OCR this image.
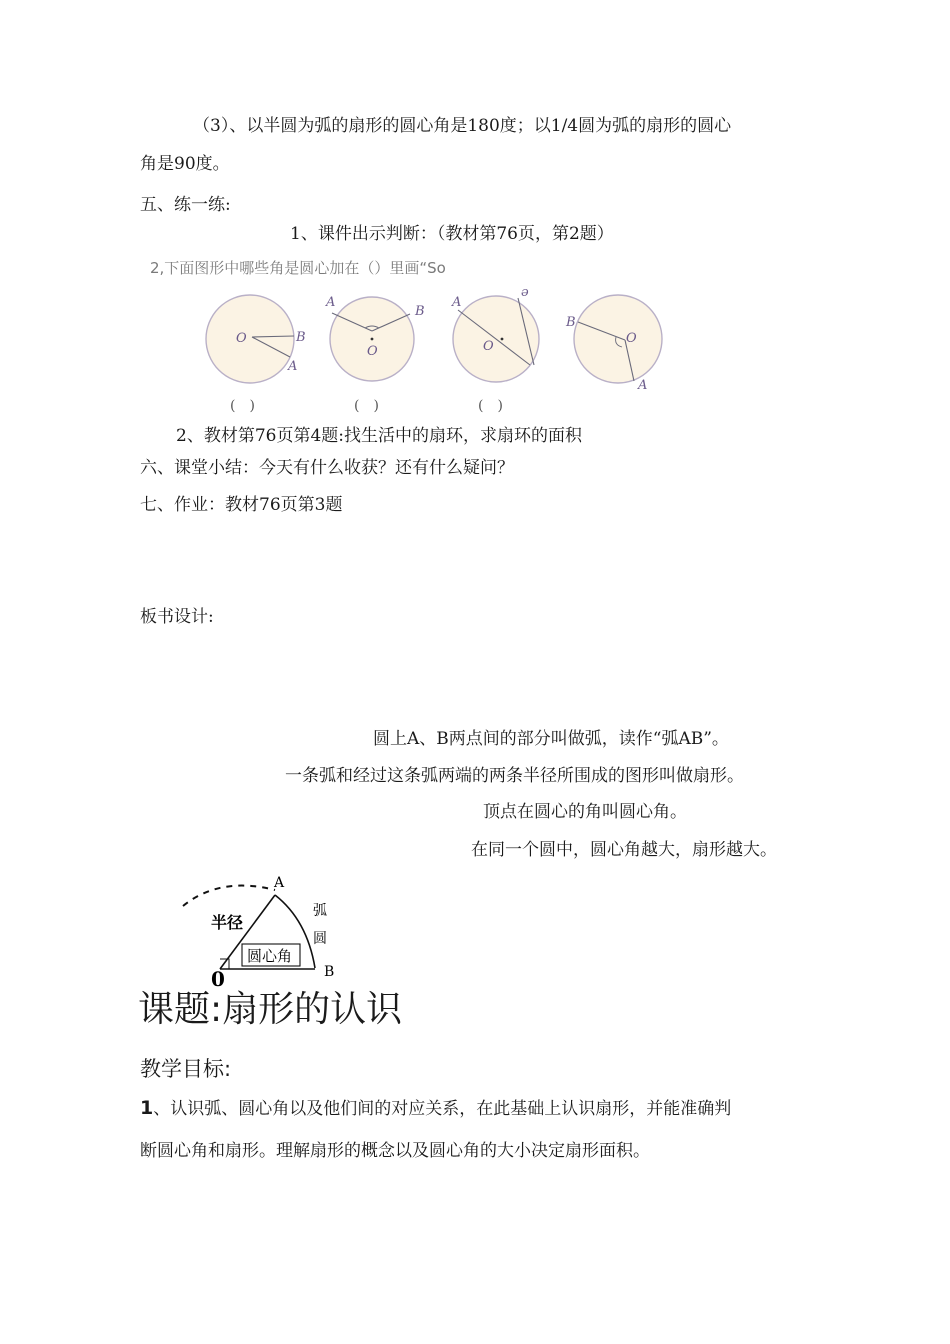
（3）、以半圆为弧的扇形的圆心角是180度；以1/4圆为弧的扇形的圆心
角是90度。
五、练一练:
1、课件出示判断：（教材第76页，第2题）
2,下面图形中哪些角是圆心加在（）里画“So
O	B
A
A
B
O
A
ə
O
B
O
A
(　)	(　)	(　)
2、教材第76页第4题:找生活中的扇环，求扇环的面积
六、课堂小结：今天有什么收获？还有什么疑问？
七、作业：教材76页第3题
板书设计:
圆上A、B两点间的部分叫做弧，读作“弧AB”。
一条弧和经过这条弧两端的两条半径所围成的图形叫做扇形。
顶点在圆心的角叫圆心角。
在同一个圆中，圆心角越大，扇形越大。
圆心角
半径
A
弧
圆
B
0
课题:扇形的认识
教学目标:
1、认识弧、圆心角以及他们间的对应关系，在此基础上认识扇形，并能准确判
断圆心角和扇形。理解扇形的概念以及圆心角的大小决定扇形面积。
